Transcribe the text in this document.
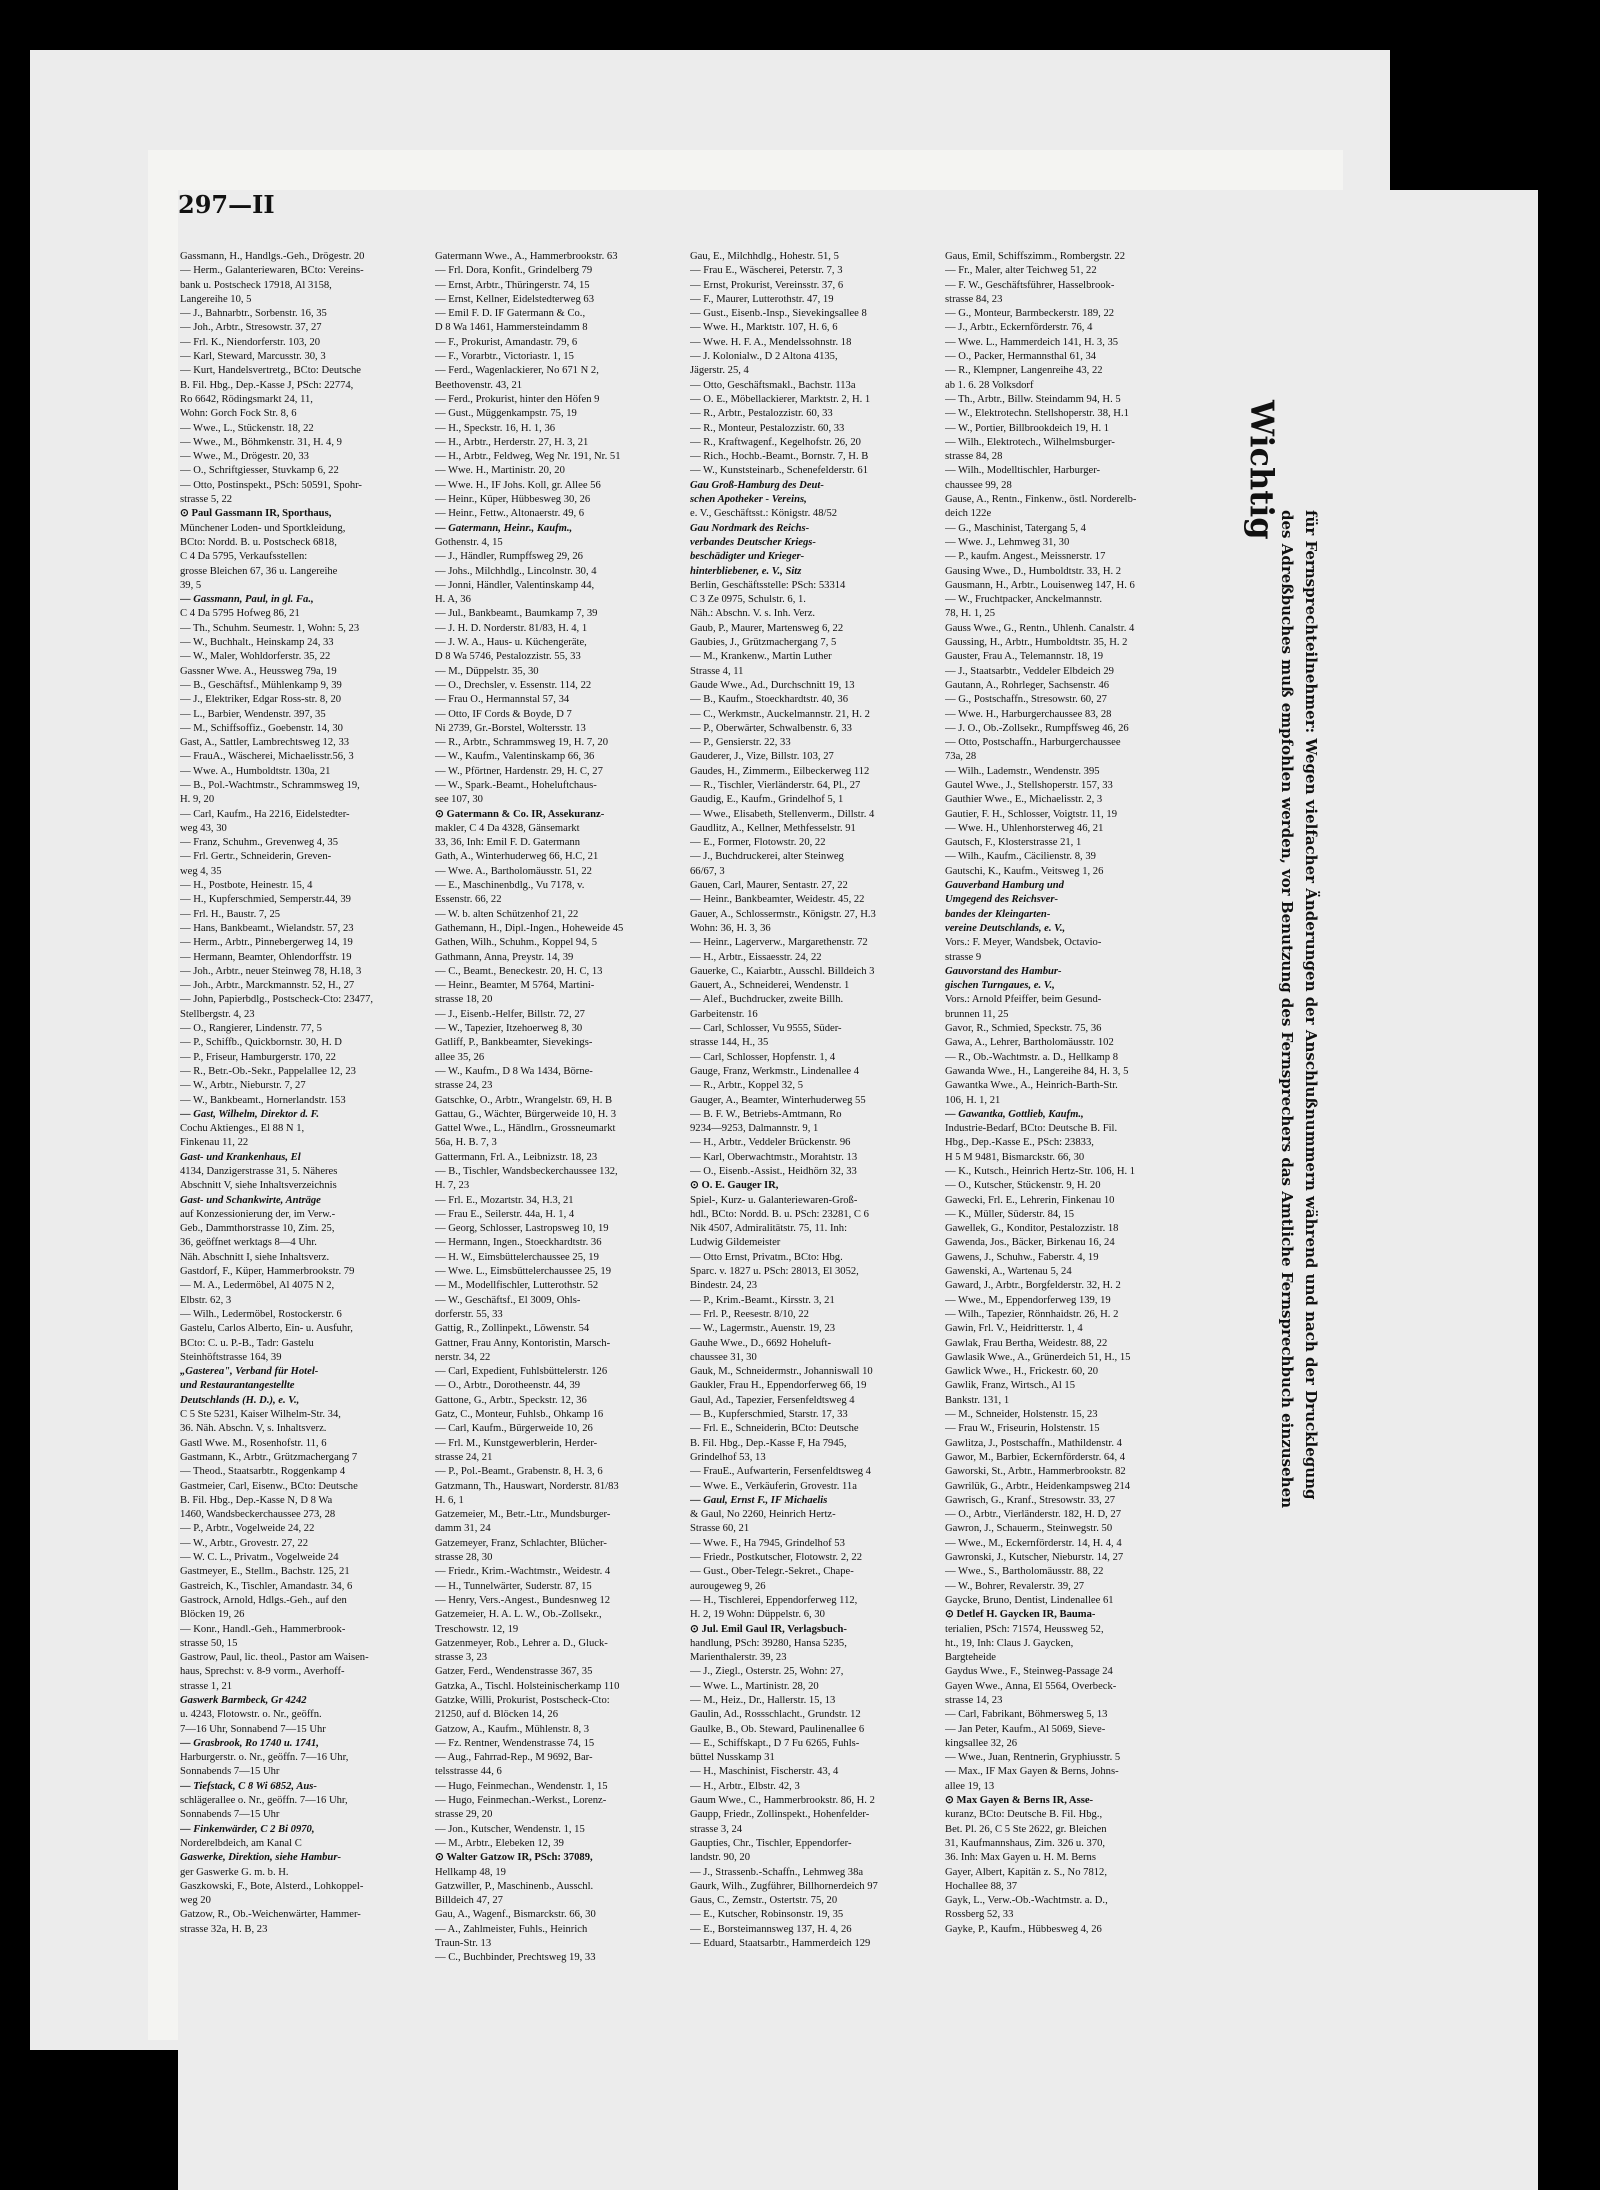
297—II

Gassmann, H., Handlgs.-Geh., Drögestr. 20

— Herm., Galanteriewaren, BCto: Vereins-

bank u. Postscheck 17918, Al 3158,

Langereihe 10, 5

— J., Bahnarbtr., Sorbenstr. 16, 35

— Joh., Arbtr., Stresowstr. 37, 27

— Frl. K., Niendorferstr. 103, 20

— Karl, Steward, Marcusstr. 30, 3

— Kurt, Handelsvertretg., BCto: Deutsche

B. Fil. Hbg., Dep.-Kasse J, PSch: 22774,

Ro 6642, Rödingsmarkt 24, 11,

Wohn: Gorch Fock Str. 8, 6

— Wwe., L., Stückenstr. 18, 22

— Wwe., M., Böhmkenstr. 31, H. 4, 9

— Wwe., M., Drögestr. 20, 33

— O., Schriftgiesser, Stuvkamp 6, 22

— Otto, Postinspekt., PSch: 50591, Spohr-

strasse 5, 22

⊙ Paul Gassmann IR, Sporthaus,

Münchener Loden- und Sportkleidung,

BCto: Nordd. B. u. Postscheck 6818,

C 4 Da 5795, Verkaufsstellen:

grosse Bleichen 67, 36 u. Langereihe

39, 5

— Gassmann, Paul, in gl. Fa.,

C 4 Da 5795 Hofweg 86, 21

— Th., Schuhm. Seumestr. 1, Wohn: 5, 23

— W., Buchhalt., Heinskamp 24, 33

— W., Maler, Wohldorferstr. 35, 22

Gassner Wwe. A., Heussweg 79a, 19

— B., Geschäftsf., Mühlenkamp 9, 39

— J., Elektriker, Edgar Ross-str. 8, 20

— L., Barbier, Wendenstr. 397, 35

— M., Schiffsoffiz., Goebenstr. 14, 30

Gast, A., Sattler, Lambrechtsweg 12, 33

— FrauA., Wäscherei, Michaelisstr.56, 3

— Wwe. A., Humboldtstr. 130a, 21

— B., Pol.-Wachtmstr., Schrammsweg 19,

H. 9, 20

— Carl, Kaufm., Ha 2216, Eidelstedter-

weg 43, 30

— Franz, Schuhm., Grevenweg 4, 35

— Frl. Gertr., Schneiderin, Greven-

weg 4, 35

— H., Postbote, Heinestr. 15, 4

— H., Kupferschmied, Semperstr.44, 39

— Frl. H., Baustr. 7, 25

— Hans, Bankbeamt., Wielandstr. 57, 23

— Herm., Arbtr., Pinnebergerweg 14, 19

— Hermann, Beamter, Ohlendorffstr. 19

— Joh., Arbtr., neuer Steinweg 78, H.18, 3

— Joh., Arbtr., Marckmannstr. 52, H., 27

— John, Papierbdlg., Postscheck-Cto: 23477,

Stellbergstr. 4, 23

— O., Rangierer, Lindenstr. 77, 5

— P., Schiffb., Quickbornstr. 30, H. D

— P., Friseur, Hamburgerstr. 170, 22

— R., Betr.-Ob.-Sekr., Pappelallee 12, 23

— W., Arbtr., Nieburstr. 7, 27

— W., Bankbeamt., Hornerlandstr. 153

— Gast, Wilhelm, Direktor d. F.

Cochu Aktienges., El 88 N 1,

Finkenau 11, 22

Gast- und Krankenhaus, El

4134, Danzigerstrasse 31, 5. Näheres

Abschnitt V, siehe Inhaltsverzeichnis

Gast- und Schankwirte, Anträge

auf Konzessionierung der, im Verw.-

Geb., Dammthorstrasse 10, Zim. 25,

36, geöffnet werktags 8—4 Uhr.

Näh. Abschnitt I, siehe Inhaltsverz.

Gastdorf, F., Küper, Hammerbrookstr. 79

— M. A., Ledermöbel, Al 4075 N 2,

Elbstr. 62, 3

— Wilh., Ledermöbel, Rostockerstr. 6

Gastelu, Carlos Alberto, Ein- u. Ausfuhr,

BCto: C. u. P.-B., Tadr: Gastelu

Steinhöftstrasse 164, 39

„Gasterea", Verband für Hotel-

und Restaurantangestellte

Deutschlands (H. D.), e. V.,

C 5 Ste 5231, Kaiser Wilhelm-Str. 34,

36. Näh. Abschn. V, s. Inhaltsverz.

Gastl Wwe. M., Rosenhofstr. 11, 6

Gastmann, K., Arbtr., Grützmachergang 7

— Theod., Staatsarbtr., Roggenkamp 4

Gastmeier, Carl, Eisenw., BCto: Deutsche

B. Fil. Hbg., Dep.-Kasse N, D 8 Wa

1460, Wandsbeckerchaussee 273, 28

— P., Arbtr., Vogelweide 24, 22

— W., Arbtr., Grovestr. 27, 22

— W. C. L., Privatm., Vogelweide 24

Gastmeyer, E., Stellm., Bachstr. 125, 21

Gastreich, K., Tischler, Amandastr. 34, 6

Gastrock, Arnold, Hdlgs.-Geh., auf den

Blöcken 19, 26

— Konr., Handl.-Geh., Hammerbrook-

strasse 50, 15

Gastrow, Paul, lic. theol., Pastor am Waisen-

haus, Sprechst: v. 8-9 vorm., Averhoff-

strasse 1, 21

Gaswerk Barmbeck, Gr 4242

u. 4243, Flotowstr. o. Nr., geöffn.

7—16 Uhr, Sonnabend 7—15 Uhr

— Grasbrook, Ro 1740 u. 1741,

Harburgerstr. o. Nr., geöffn. 7—16 Uhr,

Sonnabends 7—15 Uhr

— Tiefstack, C 8 Wi 6852, Aus-

schlägerallee o. Nr., geöffn. 7—16 Uhr,

Sonnabends 7—15 Uhr

— Finkenwärder, C 2 Bi 0970,

Norderelbdeich, am Kanal C

Gaswerke, Direktion, siehe Hambur-

ger Gaswerke G. m. b. H.

Gaszkowski, F., Bote, Alsterd., Lohkoppel-

weg 20

Gatzow, R., Ob.-Weichenwärter, Hammer-

strasse 32a, H. B, 23

Gatermann Wwe., A., Hammerbrookstr. 63

— Frl. Dora, Konfit., Grindelberg 79

— Ernst, Arbtr., Thüringerstr. 74, 15

— Ernst, Kellner, Eidelstedterweg 63

— Emil F. D. IF Gatermann & Co.,

D 8 Wa 1461, Hammersteindamm 8

— F., Prokurist, Amandastr. 79, 6

— F., Vorarbtr., Victoriastr. 1, 15

— Ferd., Wagenlackierer, No 671 N 2,

Beethovenstr. 43, 21

— Ferd., Prokurist, hinter den Höfen 9

— Gust., Müggenkampstr. 75, 19

— H., Speckstr. 16, H. 1, 36

— H., Arbtr., Herderstr. 27, H. 3, 21

— H., Arbtr., Feldweg, Weg Nr. 191, Nr. 51

— Wwe. H., Martinistr. 20, 20

— Wwe. H., IF Johs. Koll, gr. Allee 56

— Heinr., Küper, Hübbesweg 30, 26

— Heinr., Fettw., Altonaerstr. 49, 6

— Gatermann, Heinr., Kaufm.,

Gothenstr. 4, 15

— J., Händler, Rumpffsweg 29, 26

— Johs., Milchhdlg., Lincolnstr. 30, 4

— Jonni, Händler, Valentinskamp 44,

H. A, 36

— Jul., Bankbeamt., Baumkamp 7, 39

— J. H. D. Norderstr. 81/83, H. 4, 1

— J. W. A., Haus- u. Küchengeräte,

D 8 Wa 5746, Pestalozzistr. 55, 33

— M., Düppelstr. 35, 30

— O., Drechsler, v. Essenstr. 114, 22

— Frau O., Hermannstal 57, 34

— Otto, IF Cords & Boyde, D 7

Ni 2739, Gr.-Borstel, Woltersstr. 13

— R., Arbtr., Schrammsweg 19, H. 7, 20

— W., Kaufm., Valentinskamp 66, 36

— W., Pförtner, Hardenstr. 29, H. C, 27

— W., Spark.-Beamt., Hoheluftchaus-

see 107, 30

⊙ Gatermann & Co. IR, Assekuranz-

makler, C 4 Da 4328, Gänsemarkt

33, 36, Inh: Emil F. D. Gatermann

Gath, A., Winterhuderweg 66, H.C, 21

— Wwe. A., Bartholomäusstr. 51, 22

— E., Maschinenbdlg., Vu 7178, v.

Essenstr. 66, 22

— W. b. alten Schützenhof 21, 22

Gathemann, H., Dipl.-Ingen., Hoheweide 45

Gathen, Wilh., Schuhm., Koppel 94, 5

Gathmann, Anna, Preystr. 14, 39

— C., Beamt., Beneckestr. 20, H. C, 13

— Heinr., Beamter, M 5764, Martini-

strasse 18, 20

— J., Eisenb.-Helfer, Billstr. 72, 27

— W., Tapezier, Itzehoerweg 8, 30

Gatliff, P., Bankbeamter, Sievekings-

allee 35, 26

— W., Kaufm., D 8 Wa 1434, Börne-

strasse 24, 23

Gatschke, O., Arbtr., Wrangelstr. 69, H. B

Gattau, G., Wächter, Bürgerweide 10, H. 3

Gattel Wwe., L., Händlrn., Grossneumarkt

56a, H. B. 7, 3

Gattermann, Frl. A., Leibnizstr. 18, 23

— B., Tischler, Wandsbeckerchaussee 132,

H. 7, 23

— Frl. E., Mozartstr. 34, H.3, 21

— Frau E., Seilerstr. 44a, H. 1, 4

— Georg, Schlosser, Lastropsweg 10, 19

— Hermann, Ingen., Stoeckhardtstr. 36

— H. W., Eimsbüttelerchaussee 25, 19

— Wwe. L., Eimsbüttelerchaussee 25, 19

— M., Modellfischler, Lutterothstr. 52

— W., Geschäftsf., El 3009, Ohls-

dorferstr. 55, 33

Gattig, R., Zollinpekt., Löwenstr. 54

Gattner, Frau Anny, Kontoristin, Marsch-

nerstr. 34, 22

— Carl, Expedient, Fuhlsbüttelerstr. 126

— O., Arbtr., Dorotheenstr. 44, 39

Gattone, G., Arbtr., Speckstr. 12, 36

Gatz, C., Monteur, Fuhlsb., Ohkamp 16

— Carl, Kaufm., Bürgerweide 10, 26

— Frl. M., Kunstgewerblerin, Herder-

strasse 24, 21

— P., Pol.-Beamt., Grabenstr. 8, H. 3, 6

Gatzmann, Th., Hauswart, Norderstr. 81/83

H. 6, 1

Gatzemeier, M., Betr.-Ltr., Mundsburger-

damm 31, 24

Gatzemeyer, Franz, Schlachter, Blücher-

strasse 28, 30

— Friedr., Krim.-Wachtmstr., Weidestr. 4

— H., Tunnelwärter, Suderstr. 87, 15

— Henry, Vers.-Angest., Bundesnweg 12

Gatzemeier, H. A. L. W., Ob.-Zollsekr.,

Treschowstr. 12, 19

Gatzenmeyer, Rob., Lehrer a. D., Gluck-

strasse 3, 23

Gatzer, Ferd., Wendenstrasse 367, 35

Gatzka, A., Tischl. Holsteinischerkamp 110

Gatzke, Willi, Prokurist, Postscheck-Cto:

21250, auf d. Blöcken 14, 26

Gatzow, A., Kaufm., Mühlenstr. 8, 3

— Fz. Rentner, Wendenstrasse 74, 15

— Aug., Fahrrad-Rep., M 9692, Bar-

telsstrasse 44, 6

— Hugo, Feinmechan., Wendenstr. 1, 15

— Hugo, Feinmechan.-Werkst., Lorenz-

strasse 29, 20

— Jon., Kutscher, Wendenstr. 1, 15

— M., Arbtr., Elebeken 12, 39

⊙ Walter Gatzow IR, PSch: 37089,

Hellkamp 48, 19

Gatzwiller, P., Maschinenb., Ausschl.

Billdeich 47, 27

Gau, A., Wagenf., Bismarckstr. 66, 30

— A., Zahlmeister, Fuhls., Heinrich

Traun-Str. 13

— C., Buchbinder, Prechtsweg 19, 33

Gau, E., Milchhdlg., Hohestr. 51, 5

— Frau E., Wäscherei, Peterstr. 7, 3

— Ernst, Prokurist, Vereinsstr. 37, 6

— F., Maurer, Lutterothstr. 47, 19

— Gust., Eisenb.-Insp., Sievekingsallee 8

— Wwe. H., Marktstr. 107, H. 6, 6

— Wwe. H. F. A., Mendelssohnstr. 18

— J. Kolonialw., D 2 Altona 4135,

Jägerstr. 25, 4

— Otto, Geschäftsmakl., Bachstr. 113a

— O. E., Möbellackierer, Marktstr. 2, H. 1

— R., Arbtr., Pestalozzistr. 60, 33

— R., Monteur, Pestalozzistr. 60, 33

— R., Kraftwagenf., Kegelhofstr. 26, 20

— Rich., Hochb.-Beamt., Bornstr. 7, H. B

— W., Kunststeinarb., Schenefelderstr. 61

Gau Groß-Hamburg des Deut-

schen Apotheker - Vereins,

e. V., Geschäftsst.: Königstr. 48/52

Gau Nordmark des Reichs-

verbandes Deutscher Kriegs-

beschädigter und Krieger-

hinterbliebener, e. V., Sitz

Berlin, Geschäftsstelle: PSch: 53314

C 3 Ze 0975, Schulstr. 6, 1.

Näh.: Abschn. V. s. Inh. Verz.

Gaub, P., Maurer, Martensweg 6, 22

Gaubies, J., Grützmachergang 7, 5

— M., Krankenw., Martin Luther

Strasse 4, 11

Gaude Wwe., Ad., Durchschnitt 19, 13

— B., Kaufm., Stoeckhardtstr. 40, 36

— C., Werkmstr., Auckelmannstr. 21, H. 2

— P., Oberwärter, Schwalbenstr. 6, 33

— P., Gensierstr. 22, 33

Gauderer, J., Vize, Billstr. 103, 27

Gaudes, H., Zimmerm., Eilbeckerweg 112

— R., Tischler, Vierländerstr. 64, Pl., 27

Gaudig, E., Kaufm., Grindelhof 5, 1

— Wwe., Elisabeth, Stellenverm., Dillstr. 4

Gaudlitz, A., Kellner, Methfesselstr. 91

— E., Former, Flotowstr. 20, 22

— J., Buchdruckerei, alter Steinweg

66/67, 3

Gauen, Carl, Maurer, Sentastr. 27, 22

— Heinr., Bankbeamter, Weidestr. 45, 22

Gauer, A., Schlossermstr., Königstr. 27, H.3

Wohn: 36, H. 3, 36

— Heinr., Lagerverw., Margarethenstr. 72

— H., Arbtr., Eissaesstr. 24, 22

Gauerke, C., Kaiarbtr., Ausschl. Billdeich 3

Gauert, A., Schneiderei, Wendenstr. 1

— Alef., Buchdrucker, zweite Billh.

Garbeitenstr. 16

— Carl, Schlosser, Vu 9555, Süder-

strasse 144, H., 35

— Carl, Schlosser, Hopfenstr. 1, 4

Gauge, Franz, Werkmstr., Lindenallee 4

— R., Arbtr., Koppel 32, 5

Gauger, A., Beamter, Winterhuderweg 55

— B. F. W., Betriebs-Amtmann, Ro

9234—9253, Dalmannstr. 9, 1

— H., Arbtr., Veddeler Brückenstr. 96

— Karl, Oberwachtmstr., Morahtstr. 13

— O., Eisenb.-Assist., Heidhörn 32, 33

⊙ O. E. Gauger IR,

Spiel-, Kurz- u. Galanteriewaren-Groß-

hdl., BCto: Nordd. B. u. PSch: 23281, C 6

Nik 4507, Admiralitätstr. 75, 11. Inh:

Ludwig Gildemeister

— Otto Ernst, Privatm., BCto: Hbg.

Sparc. v. 1827 u. PSch: 28013, El 3052,

Bindestr. 24, 23

— P., Krim.-Beamt., Kirsstr. 3, 21

— Frl. P., Reesestr. 8/10, 22

— W., Lagermstr., Auenstr. 19, 23

Gauhe Wwe., D., 6692 Hoheluft-

chaussee 31, 30

Gauk, M., Schneidermstr., Johanniswall 10

Gaukler, Frau H., Eppendorferweg 66, 19

Gaul, Ad., Tapezier, Fersenfeldtsweg 4

— B., Kupferschmied, Starstr. 17, 33

— Frl. E., Schneiderin, BCto: Deutsche

B. Fil. Hbg., Dep.-Kasse F, Ha 7945,

Grindelhof 53, 13

— FrauE., Aufwarterin, Fersenfeldtsweg 4

— Wwe. E., Verkäuferin, Grovestr. 11a

— Gaul, Ernst F., IF Michaelis

& Gaul, No 2260, Heinrich Hertz-

Strasse 60, 21

— Wwe. F., Ha 7945, Grindelhof 53

— Friedr., Postkutscher, Flotowstr. 2, 22

— Gust., Ober-Telegr.-Sekret., Chape-

aurougeweg 9, 26

— H., Tischlerei, Eppendorferweg 112,

H. 2, 19 Wohn: Düppelstr. 6, 30

⊙ Jul. Emil Gaul IR, Verlagsbuch-

handlung, PSch: 39280, Hansa 5235,

Marienthalerstr. 39, 23

— J., Ziegl., Osterstr. 25, Wohn: 27,

— Wwe. L., Martinistr. 28, 20

— M., Heiz., Dr., Hallerstr. 15, 13

Gaulin, Ad., Rossschlacht., Grundstr. 12

Gaulke, B., Ob. Steward, Paulinenallee 6

— E., Schiffskapt., D 7 Fu 6265, Fuhls-

büttel Nusskamp 31

— H., Maschinist, Fischerstr. 43, 4

— H., Arbtr., Elbstr. 42, 3

Gaum Wwe., C., Hammerbrookstr. 86, H. 2

Gaupp, Friedr., Zollinspekt., Hohenfelder-

strasse 3, 24

Gaupties, Chr., Tischler, Eppendorfer-

landstr. 90, 20

— J., Strassenb.-Schaffn., Lehmweg 38a

Gaurk, Wilh., Zugführer, Billhornerdeich 97

Gaus, C., Zemstr., Ostertstr. 75, 20

— E., Kutscher, Robinsonstr. 19, 35

— E., Borsteimannsweg 137, H. 4, 26

— Eduard, Staatsarbtr., Hammerdeich 129

Gaus, Emil, Schiffszimm., Rombergstr. 22

— Fr., Maler, alter Teichweg 51, 22

— F. W., Geschäftsführer, Hasselbrook-

strasse 84, 23

— G., Monteur, Barmbeckerstr. 189, 22

— J., Arbtr., Eckernförderstr. 76, 4

— Wwe. L., Hammerdeich 141, H. 3, 35

— O., Packer, Hermannsthal 61, 34

— R., Klempner, Langenreihe 43, 22

ab 1. 6. 28 Volksdorf

— Th., Arbtr., Billw. Steindamm 94, H. 5

— W., Elektrotechn. Stellshoperstr. 38, H.1

— W., Portier, Billbrookdeich 19, H. 1

— Wilh., Elektrotech., Wilhelmsburger-

strasse 84, 28

— Wilh., Modelltischler, Harburger-

chaussee 99, 28

Gause, A., Rentn., Finkenw., östl. Norderelb-

deich 122e

— G., Maschinist, Tatergang 5, 4

— Wwe. J., Lehmweg 31, 30

— P., kaufm. Angest., Meissnerstr. 17

Gausing Wwe., D., Humboldtstr. 33, H. 2

Gausmann, H., Arbtr., Louisenweg 147, H. 6

— W., Fruchtpacker, Anckelmannstr.

78, H. 1, 25

Gauss Wwe., G., Rentn., Uhlenh. Canalstr. 4

Gaussing, H., Arbtr., Humboldtstr. 35, H. 2

Gauster, Frau A., Telemannstr. 18, 19

— J., Staatsarbtr., Veddeler Elbdeich 29

Gautann, A., Rohrleger, Sachsenstr. 46

— G., Postschaffn., Stresowstr. 60, 27

— Wwe. H., Harburgerchaussee 83, 28

— J. O., Ob.-Zollsekr., Rumpffsweg 46, 26

— Otto, Postschaffn., Harburgerchaussee

73a, 28

— Wilh., Lademstr., Wendenstr. 395

Gautel Wwe., J., Stellshoperstr. 157, 33

Gauthier Wwe., E., Michaelisstr. 2, 3

Gautier, F. H., Schlosser, Voigtstr. 11, 19

— Wwe. H., Uhlenhorsterweg 46, 21

Gautsch, F., Klosterstrasse 21, 1

— Wilh., Kaufm., Cäcilienstr. 8, 39

Gautschi, K., Kaufm., Veitsweg 1, 26

Gauverband Hamburg und

Umgegend des Reichsver-

bandes der Kleingarten-

vereine Deutschlands, e. V.,

Vors.: F. Meyer, Wandsbek, Octavio-

strasse 9

Gauvorstand des Hambur-

gischen Turngaues, e. V.,

Vors.: Arnold Pfeiffer, beim Gesund-

brunnen 11, 25

Gavor, R., Schmied, Speckstr. 75, 36

Gawa, A., Lehrer, Bartholomäusstr. 102

— R., Ob.-Wachtmstr. a. D., Hellkamp 8

Gawanda Wwe., H., Langereihe 84, H. 3, 5

Gawantka Wwe., A., Heinrich-Barth-Str.

106, H. 1, 21

— Gawantka, Gottlieb, Kaufm.,

Industrie-Bedarf, BCto: Deutsche B. Fil.

Hbg., Dep.-Kasse E., PSch: 23833,

H 5 M 9481, Bismarckstr. 66, 30

— K., Kutsch., Heinrich Hertz-Str. 106, H. 1

— O., Kutscher, Stückenstr. 9, H. 20

Gawecki, Frl. E., Lehrerin, Finkenau 10

— K., Müller, Süderstr. 84, 15

Gawellek, G., Konditor, Pestalozzistr. 18

Gawenda, Jos., Bäcker, Birkenau 16, 24

Gawens, J., Schuhw., Faberstr. 4, 19

Gawenski, A., Wartenau 5, 24

Gaward, J., Arbtr., Borgfelderstr. 32, H. 2

— Wwe., M., Eppendorferweg 139, 19

— Wilh., Tapezier, Rönnhaidstr. 26, H. 2

Gawin, Frl. V., Heidritterstr. 1, 4

Gawlak, Frau Bertha, Weidestr. 88, 22

Gawlasik Wwe., A., Grünerdeich 51, H., 15

Gawlick Wwe., H., Frickestr. 60, 20

Gawlik, Franz, Wirtsch., Al 15

Bankstr. 131, 1

— M., Schneider, Holstenstr. 15, 23

— Frau W., Friseurin, Holstenstr. 15

Gawlitza, J., Postschaffn., Mathildenstr. 4

Gawor, M., Barbier, Eckernförderstr. 64, 4

Gaworski, St., Arbtr., Hammerbrookstr. 82

Gawrilük, G., Arbtr., Heidenkampsweg 214

Gawrisch, G., Kranf., Stresowstr. 33, 27

— O., Arbtr., Vierländerstr. 182, H. D, 27

Gawron, J., Schauerm., Steinwegstr. 50

— Wwe., M., Eckernförderstr. 14, H. 4, 4

Gawronski, J., Kutscher, Nieburstr. 14, 27

— Wwe., S., Bartholomäusstr. 88, 22

— W., Bohrer, Revalerstr. 39, 27

Gaycke, Bruno, Dentist, Lindenallee 61

⊙ Detlef H. Gaycken IR, Bauma-

terialien, PSch: 71574, Heussweg 52,

ht., 19, Inh: Claus J. Gaycken,

Bargteheide

Gaydus Wwe., F., Steinweg-Passage 24

Gayen Wwe., Anna, El 5564, Overbeck-

strasse 14, 23

— Carl, Fabrikant, Böhmersweg 5, 13

— Jan Peter, Kaufm., Al 5069, Sieve-

kingsallee 32, 26

— Wwe., Juan, Rentnerin, Gryphiusstr. 5

— Max., IF Max Gayen & Berns, Johns-

allee 19, 13

⊙ Max Gayen & Berns IR, Asse-

kuranz, BCto: Deutsche B. Fil. Hbg.,

Bet. Pl. 26, C 5 Ste 2622, gr. Bleichen

31, Kaufmannshaus, Zim. 326 u. 370,

36. Inh: Max Gayen u. H. M. Berns

Gayer, Albert, Kapitän z. S., No 7812,

Hochallee 88, 37

Gayk, L., Verw.-Ob.-Wachtmstr. a. D.,

Rossberg 52, 33

Gayke, P., Kaufm., Hübbesweg 4, 26

Wichtig
für Fernsprechteilnehmer: Wegen vielfacher Änderungen der Anschlußnummern während und nach der Drucklegung
des Adreßbuches muß empfohlen werden, vor Benutzung des Fernsprechers das Amtliche Fernsprechbuch einzusehen
